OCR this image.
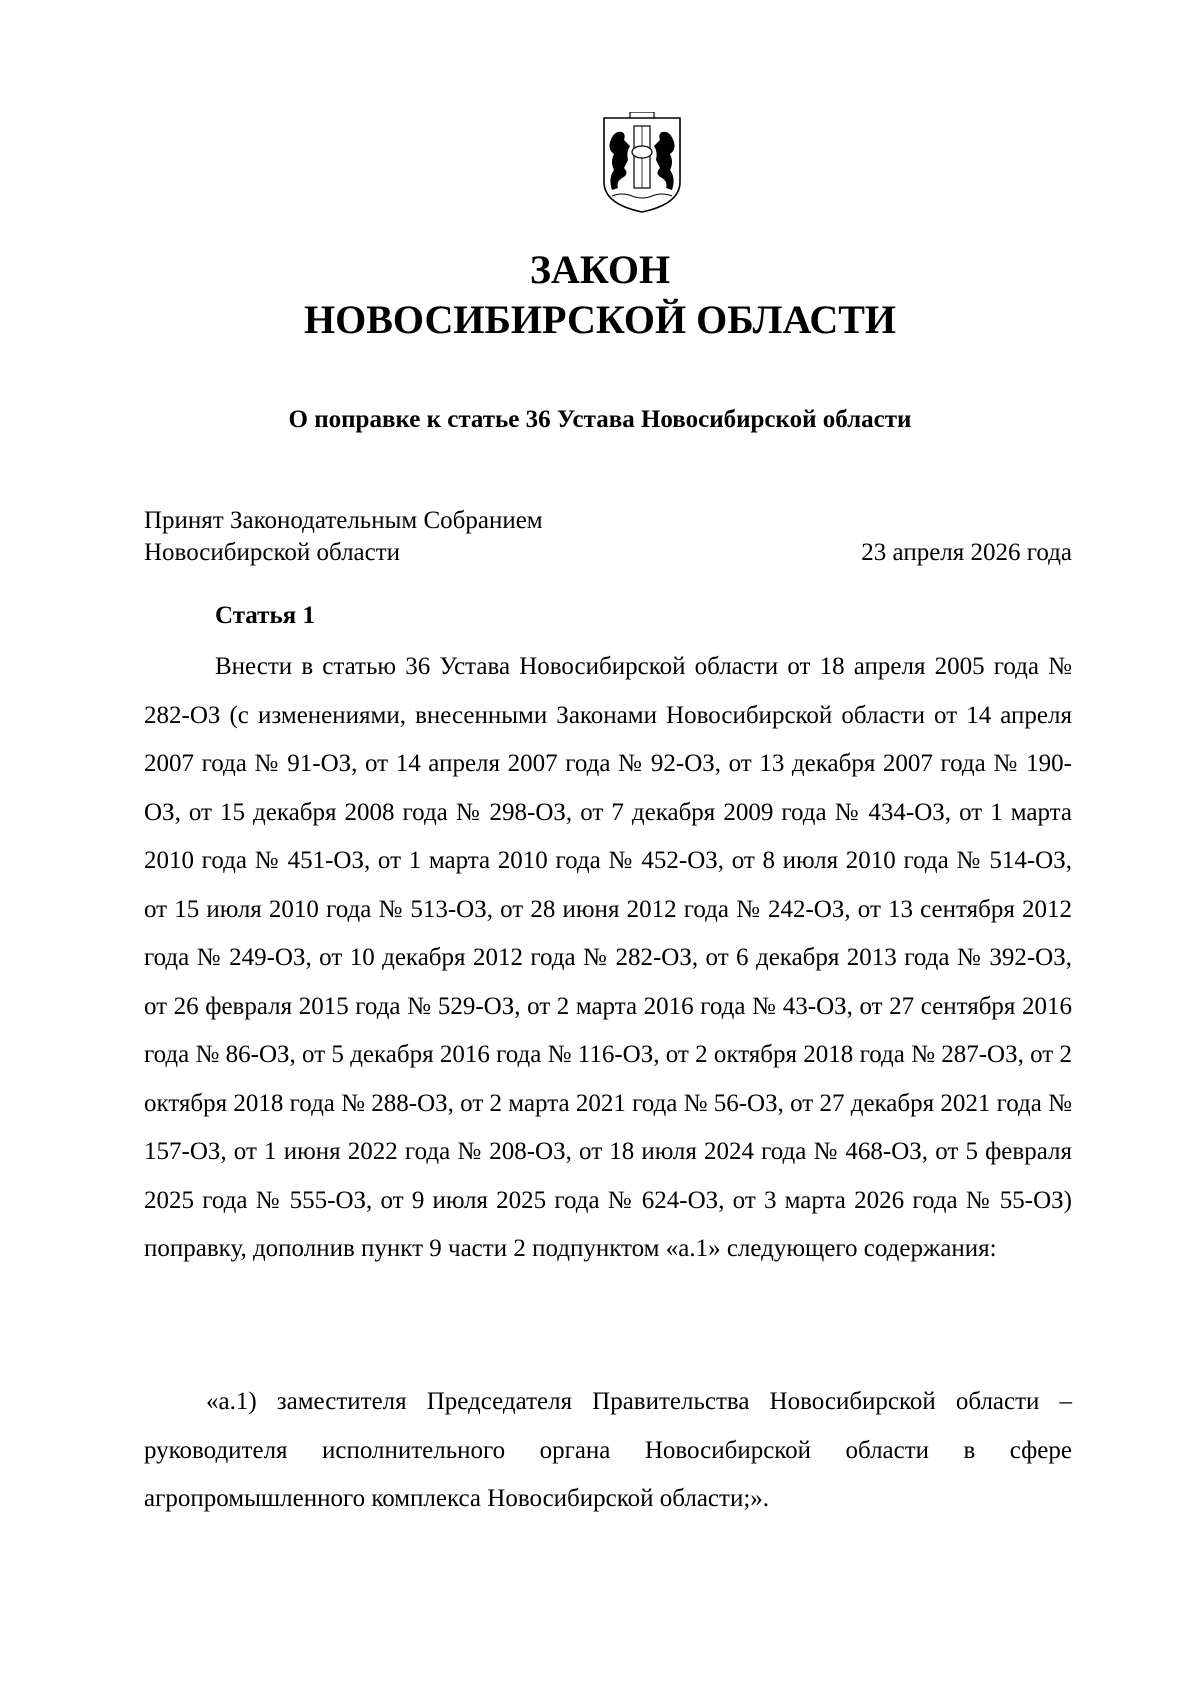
ЗАКОН
НОВОСИБИРСКОЙ ОБЛАСТИ
О поправке к статье 36 Устава Новосибирской области
Принят Законодательным Собранием
Новосибирской области	23 апреля 2026 года
Статья 1

Внести в статью 36 Устава Новосибирской области от 18 апреля 2005 года № 282-ОЗ (с изменениями, внесенными Законами Новосибирской области от 14 апреля 2007 года № 91-ОЗ, от 14 апреля 2007 года № 92-ОЗ, от 13 декабря 2007 года № 190-ОЗ, от 15 декабря 2008 года № 298-ОЗ, от 7 декабря 2009 года № 434-ОЗ, от 1 марта 2010 года № 451-ОЗ, от 1 марта 2010 года № 452-ОЗ, от 8 июля 2010 года № 514-ОЗ, от 15 июля 2010 года № 513-ОЗ, от 28 июня 2012 года № 242-ОЗ, от 13 сентября 2012 года № 249-ОЗ, от 10 декабря 2012 года № 282-ОЗ, от 6 декабря 2013 года № 392-ОЗ, от 26 февраля 2015 года № 529-ОЗ, от 2 марта 2016 года № 43-ОЗ, от 27 сентября 2016 года № 86-ОЗ, от 5 декабря 2016 года № 116-ОЗ, от 2 октября 2018 года № 287-ОЗ, от 2 октября 2018 года № 288-ОЗ, от 2 марта 2021 года № 56-ОЗ, от 27 декабря 2021 года № 157-ОЗ, от 1 июня 2022 года № 208-ОЗ, от 18 июля 2024 года № 468-ОЗ, от 5 февраля 2025 года № 555-ОЗ, от 9 июля 2025 года № 624-ОЗ, от 3 марта 2026 года № 55-ОЗ) поправку, дополнив пункт 9 части 2 подпунктом «а.1» следующего содержания:

«а.1) заместителя Председателя Правительства Новосибирской области – руководителя исполнительного органа Новосибирской области в сфере агропромышленного комплекса Новосибирской области;».
